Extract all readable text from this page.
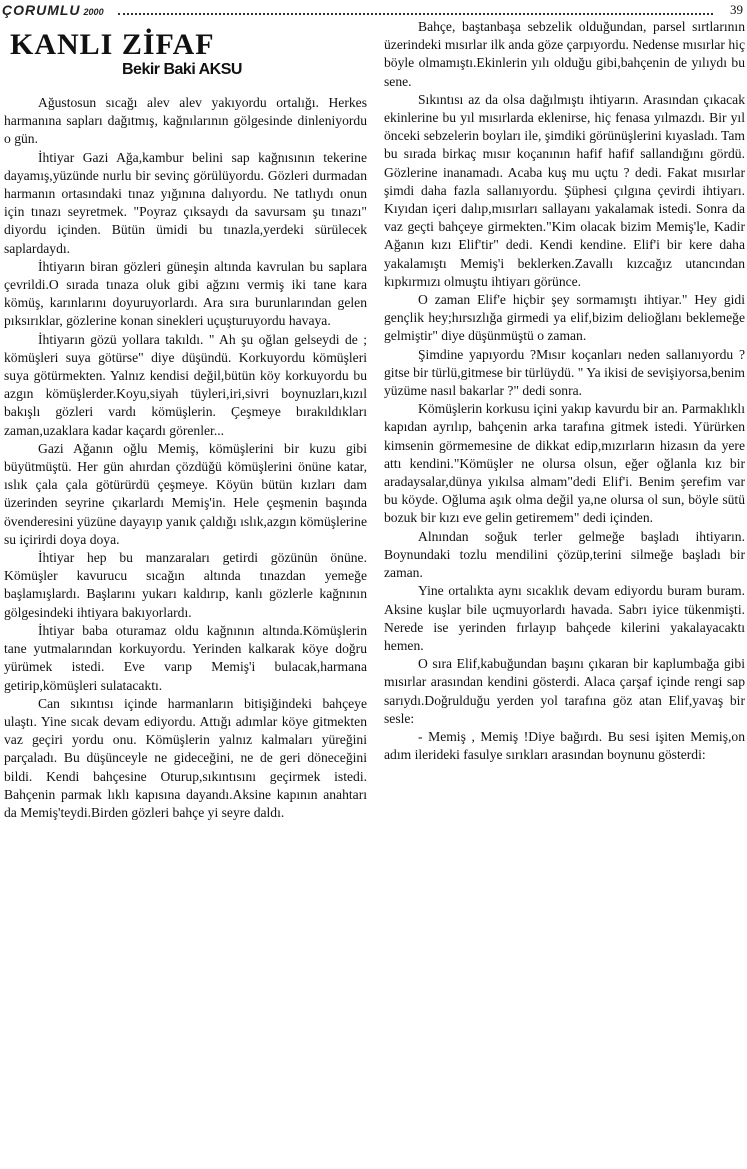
ÇORUMLU 2000	39
KANLI ZİFAF
Bekir Baki AKSU

Ağustosun sıcağı alev alev yakıyordu ortalığı. Herkes harmanına sapları dağıtmış, kağnılarının gölgesinde dinleniyordu o gün.

İhtiyar Gazi Ağa,kambur belini sap kağnısının tekerine dayamış,yüzünde nurlu bir sevinç görülüyordu. Gözleri durmadan harmanın ortasındaki tınaz yığınına dalıyordu. Ne tatlıydı onun için tınazı seyretmek. "Poyraz çıksaydı da savursam şu tınazı" diyordu içinden. Bütün ümidi bu tınazla,yerdeki sürülecek saplardaydı.

İhtiyarın biran gözleri güneşin altında kavrulan bu saplara çevrildi.O sırada tınaza oluk gibi ağzını vermiş iki tane kara kömüş, karınlarını doyuruyorlardı. Ara sıra burunlarından gelen pıksırıklar, gözlerine konan sinekleri uçuşturuyordu havaya.

İhtiyarın gözü yollara takıldı. " Ah şu oğlan gelseydi de ; kömüşleri suya götürse" diye düşündü. Korkuyordu kömüşleri suya götürmekten. Yalnız kendisi değil,bütün köy korkuyordu bu azgın kömüşlerder.Koyu,siyah tüyleri,iri,sivri boynuzları,kızıl bakışlı gözleri vardı kömüşlerin. Çeşmeye bırakıldıkları zaman,uzaklara kadar kaçardı görenler...

Gazi Ağanın oğlu Memiş, kömüşlerini bir kuzu gibi büyütmüştü. Her gün ahırdan çözdüğü kömüşlerini önüne katar, ıslık çala çala götürürdü çeşmeye. Köyün bütün kızları dam üzerinden seyrine çıkarlardı Memiş'in. Hele çeşmenin başında övenderesini yüzüne dayayıp yanık çaldığı ıslık,azgın kömüşlerine su içirirdi doya doya.

İhtiyar hep bu manzaraları getirdi gözünün önüne. Kömüşler kavurucu sıcağın altında tınazdan yemeğe başlamışlardı. Başlarını yukarı kaldırıp, kanlı gözlerle kağnının gölgesindeki ihtiyara bakıyorlardı.

İhtiyar baba oturamaz oldu kağnının altında.Kömüşlerin tane yutmalarından korkuyordu. Yerinden kalkarak köye doğru yürümek istedi. Eve varıp Memiş'i bulacak,harmana getirip,kömüşleri sulatacaktı.

Can sıkıntısı içinde harmanların bitişiğindeki bahçeye ulaştı. Yine sıcak devam ediyordu. Attığı adımlar köye gitmekten vaz geçiri yordu onu. Kömüşlerin yalnız kalmaları yüreğini parçaladı. Bu düşünceyle ne gideceğini, ne de geri döneceğini bildi. Kendi bahçesine Oturup,sıkıntısını geçirmek istedi. Bahçenin parmak lıklı kapısına dayandı.Aksine kapının anahtarı da Memiş'teydi.Birden gözleri bahçe yi seyre daldı.

Bahçe, baştanbaşa sebzelik olduğundan, parsel sırtlarının üzerindeki mısırlar ilk anda göze çarpıyordu. Nedense mısırlar hiç böyle olmamıştı.Ekinlerin yılı olduğu gibi,bahçenin de yılıydı bu sene.

Sıkıntısı az da olsa dağılmıştı ihtiyarın. Arasından çıkacak ekinlerine bu yıl mısırlarda eklenirse, hiç fenasa yılmazdı. Bir yıl önceki sebzelerin boyları ile, şimdiki görünüşlerini kıyasladı. Tam bu sırada birkaç mısır koçanının hafif hafif sallandığını gördü. Gözlerine inanamadı. Acaba kuş mu uçtu ? dedi. Fakat mısırlar şimdi daha fazla sallanıyordu. Şüphesi çılgına çevirdi ihtiyarı. Kıyıdan içeri dalıp,mısırları sallayanı yakalamak istedi. Sonra da vaz geçti bahçeye girmekten."Kim olacak bizim Memiş'le, Kadir Ağanın kızı Elif'tir" dedi. Kendi kendine. Elif'i bir kere daha yakalamıştı Memiş'i beklerken.Zavallı kızcağız utancından kıpkırmızı olmuştu ihtiyarı görünce.

O zaman Elif'e hiçbir şey sormamıştı ihtiyar." Hey gidi gençlik hey;hırsızlığa girmedi ya elif,bizim delioğlanı beklemeğe gelmiştir" diye düşünmüştü o zaman.

Şimdine yapıyordu ?Mısır koçanları neden sallanıyordu ? gitse bir türlü,gitmese bir türlüydü. " Ya ikisi de sevişiyorsa,benim yüzüme nasıl bakarlar ?" dedi sonra.

Kömüşlerin korkusu içini yakıp kavurdu bir an. Parmaklıklı kapıdan ayrılıp, bahçenin arka tarafına gitmek istedi. Yürürken kimsenin görmemesine de dikkat edip,mızırların hizasın da yere attı kendini."Kömüşler ne olursa olsun, eğer oğlanla kız bir aradaysalar,dünya yıkılsa almam"dedi Elif'i. Benim şerefim var bu köyde. Oğluma aşık olma değil ya,ne olursa ol sun, böyle sütü bozuk bir kızı eve gelin getiremem" dedi içinden.

Alnından soğuk terler gelmeğe başladı ihtiyarın. Boynundaki tozlu mendilini çözüp,terini silmeğe başladı bir zaman.

Yine ortalıkta aynı sıcaklık devam ediyordu buram buram. Aksine kuşlar bile uçmuyorlardı havada. Sabrı iyice tükenmişti. Nerede ise yerinden fırlayıp bahçede kilerini yakalayacaktı hemen.

O sıra Elif,kabuğundan başını çıkaran bir kaplumbağa gibi mısırlar arasından kendini gösterdi. Alaca çarşaf içinde rengi sap sarıydı.Doğrulduğu yerden yol tarafına göz atan Elif,yavaş bir sesle:

- Memiş , Memiş !Diye bağırdı. Bu sesi işiten Memiş,on adım ilerideki fasulye sırıkları arasından boynunu gösterdi:
